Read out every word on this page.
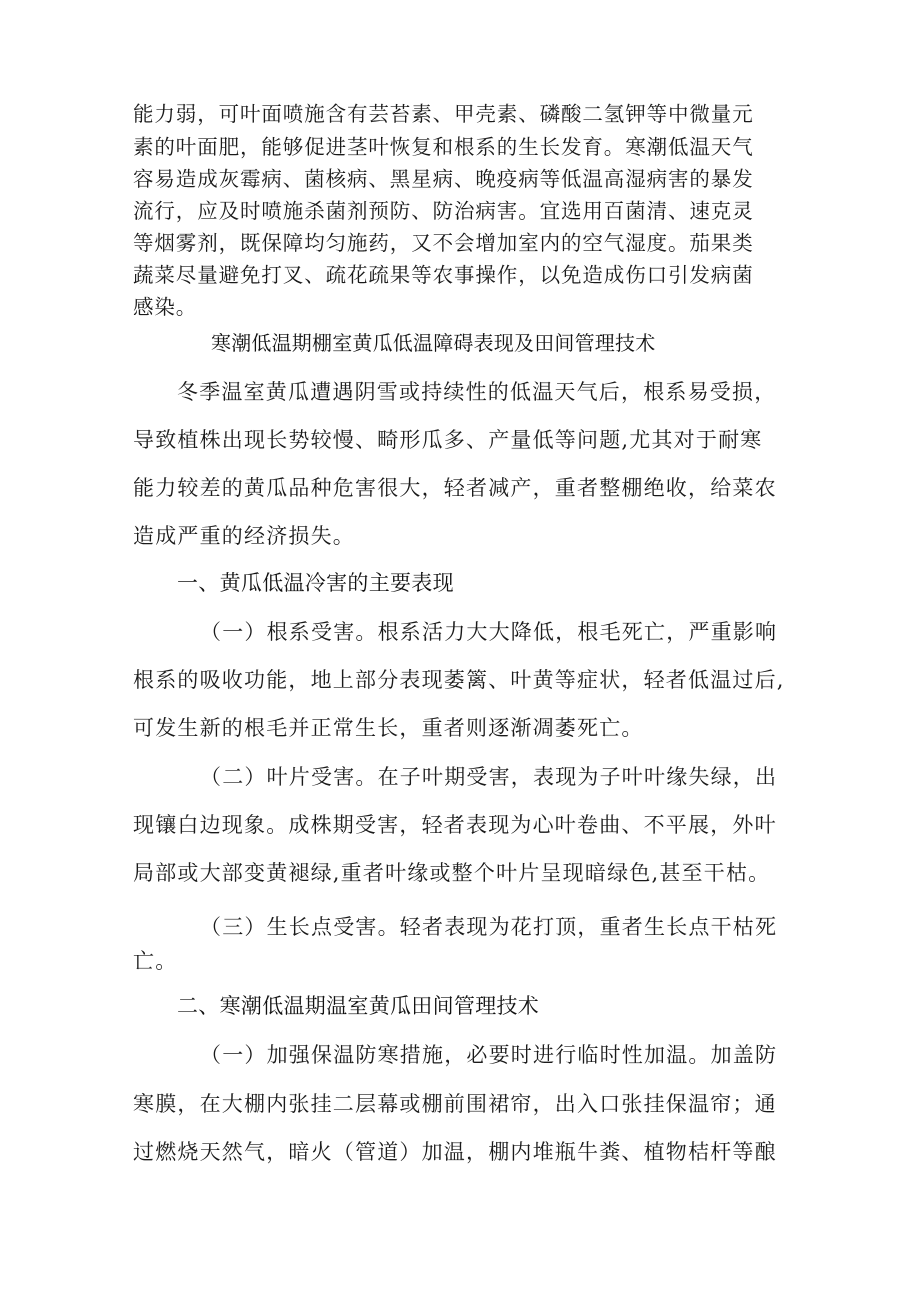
能力弱，可叶面喷施含有芸苔素、甲壳素、磷酸二氢钾等中微量元
素的叶面肥，能够促进茎叶恢复和根系的生长发育。寒潮低温天气
容易造成灰霉病、菌核病、黑星病、晚疫病等低温高湿病害的暴发
流行，应及时喷施杀菌剂预防、防治病害。宜选用百菌清、速克灵
等烟雾剂，既保障均匀施药，又不会增加室内的空气湿度。茄果类
蔬菜尽量避免打叉、疏花疏果等农事操作，以免造成伤口引发病菌
感染。
寒潮低温期棚室黄瓜低温障碍表现及田间管理技术
冬季温室黄瓜遭遇阴雪或持续性的低温天气后，根系易受损，
导致植株出现长势较慢、畸形瓜多、产量低等问题,尤其对于耐寒
能力较差的黄瓜品种危害很大，轻者减产，重者整棚绝收，给菜农
造成严重的经济损失。
一、黄瓜低温冷害的主要表现
（一）根系受害。根系活力大大降低，根毛死亡，严重影响
根系的吸收功能，地上部分表现萎篱、叶黄等症状，轻者低温过后,
可发生新的根毛并正常生长，重者则逐渐凋萎死亡。
（二）叶片受害。在子叶期受害，表现为子叶叶缘失绿，出
现镶白边现象。成株期受害，轻者表现为心叶卷曲、不平展，外叶
局部或大部变黄褪绿,重者叶缘或整个叶片呈现暗绿色,甚至干枯。
（三）生长点受害。轻者表现为花打顶，重者生长点干枯死
亡。
二、寒潮低温期温室黄瓜田间管理技术
（一）加强保温防寒措施，必要时进行临时性加温。加盖防
寒膜，在大棚内张挂二层幕或棚前围裙帘，出入口张挂保温帘；通
过燃烧天然气，暗火（管道）加温，棚内堆瓶牛粪、植物桔杆等酿
